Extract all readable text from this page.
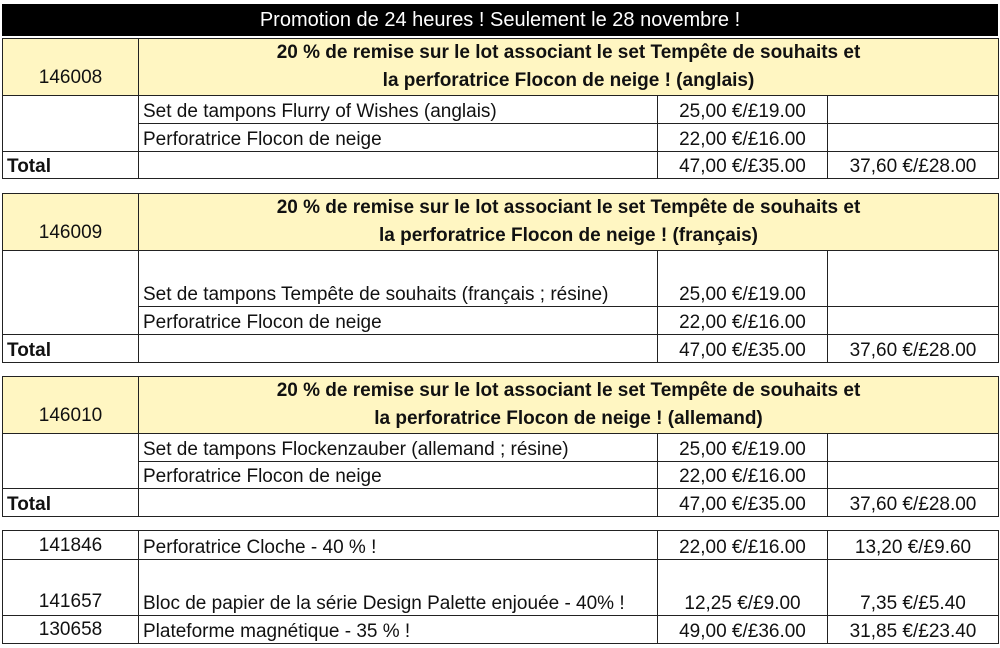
Promotion de 24 heures ! Seulement le 28 novembre !
146008	20 % de remise sur le lot associant le set Tempête de souhaits et
la perforatrice Flocon de neige ! (anglais)		

	Set de tampons Flurry of Wishes (anglais)	25,00 €/£19.00	
	Perforatrice Flocon de neige	22,00 €/£16.00	
Total		47,00 €/£35.00	37,60 €/£28.00
146009	20 % de remise sur le lot associant le set Tempête de souhaits et
la perforatrice Flocon de neige ! (français)		

	Set de tampons Tempête de souhaits (français ; résine)	25,00 €/£19.00	
	Perforatrice Flocon de neige	22,00 €/£16.00	
Total		47,00 €/£35.00	37,60 €/£28.00
146010	20 % de remise sur le lot associant le set Tempête de souhaits et
la perforatrice Flocon de neige ! (allemand)		

	Set de tampons Flockenzauber (allemand ; résine)	25,00 €/£19.00	
	Perforatrice Flocon de neige	22,00 €/£16.00	
Total		47,00 €/£35.00	37,60 €/£28.00
141846	Perforatrice Cloche - 40 % !	22,00 €/£16.00	13,20 €/£9.60
141657	Bloc de papier de la série Design Palette enjouée - 40% !	12,25 €/£9.00	7,35 €/£5.40
130658	Plateforme magnétique - 35 % !	49,00 €/£36.00	31,85 €/£23.40
